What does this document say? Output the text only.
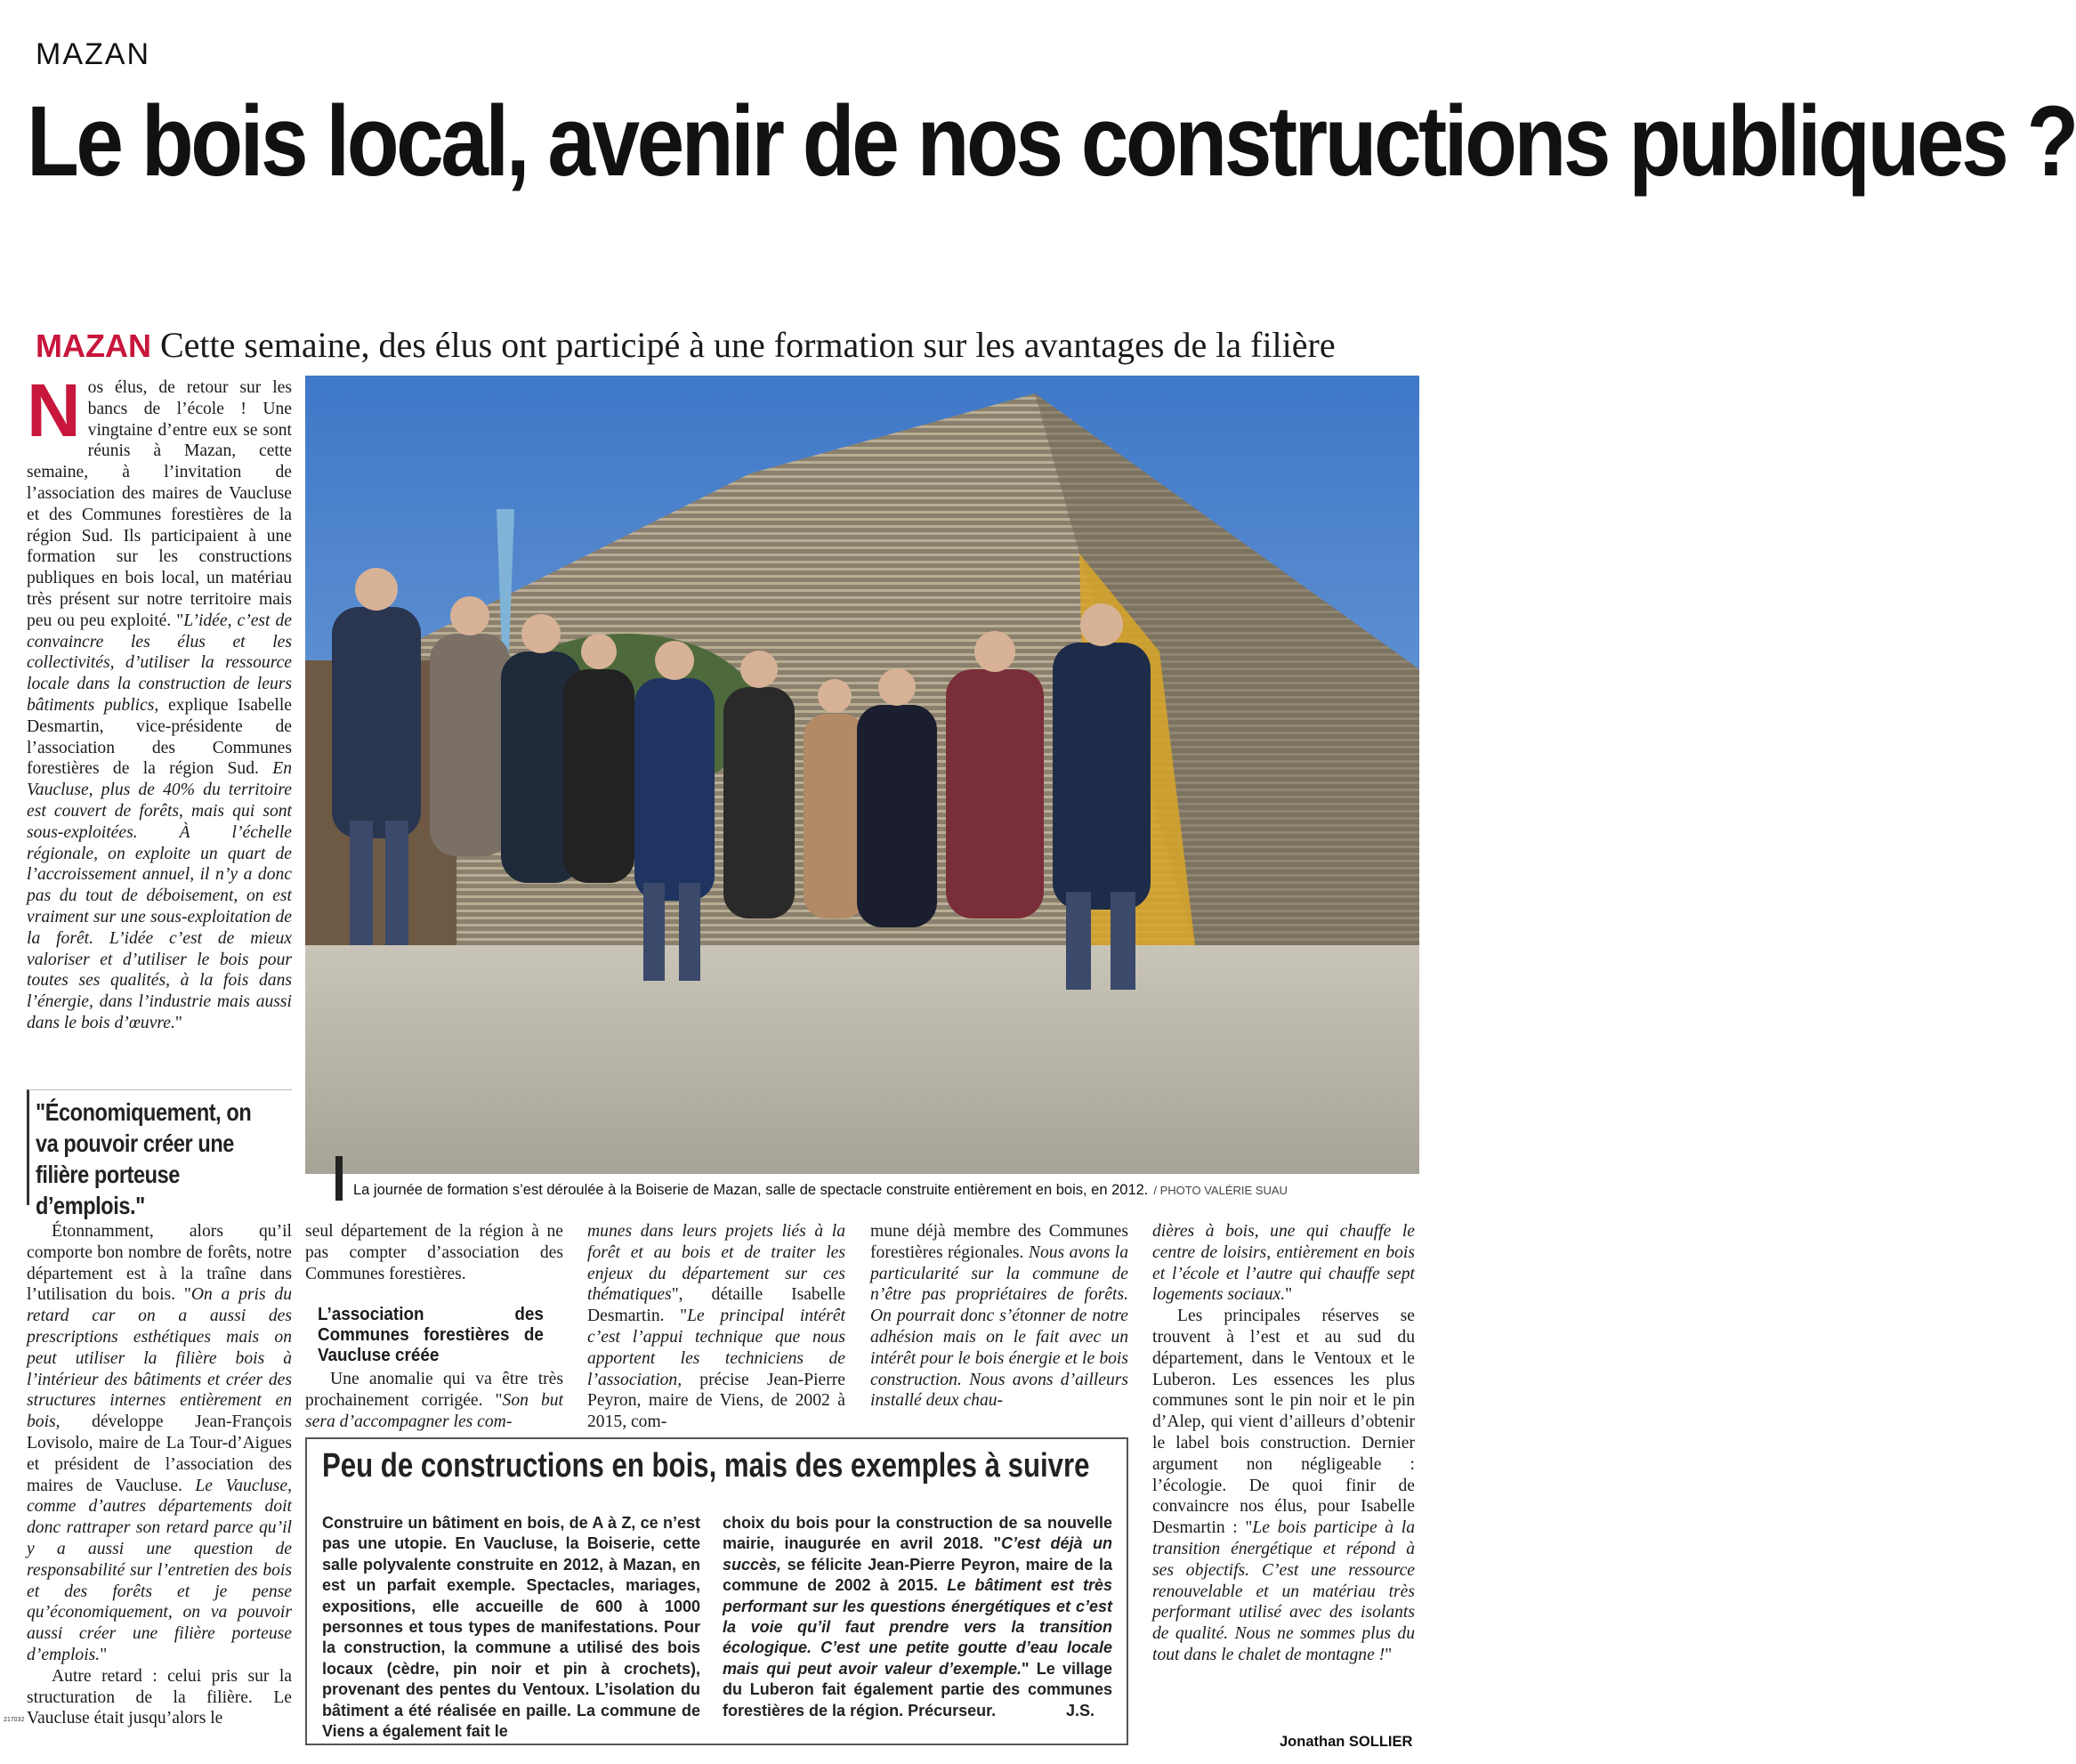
MAZAN
Le bois local, avenir de nos constructions publiques ?
MAZAN Cette semaine, des élus ont participé à une formation sur les avantages de la filière
Nos élus, de retour sur les bancs de l’école ! Une vingtaine d’entre eux se sont réunis à Mazan, cette semaine, à l’invitation de l’association des maires de Vaucluse et des Communes forestières de la région Sud. Ils participaient à une formation sur les constructions publiques en bois local, un matériau très présent sur notre territoire mais peu ou peu exploité. "L’idée, c’est de convaincre les élus et les collectivités, d’utiliser la ressource locale dans la construction de leurs bâtiments publics, explique Isabelle Desmartin, vice-présidente de l’association des Communes forestières de la région Sud. En Vaucluse, plus de 40% du territoire est couvert de forêts, mais qui sont sous-exploitées. À l’échelle régionale, on exploite un quart de l’accroissement annuel, il n’y a donc pas du tout de déboisement, on est vraiment sur une sous-exploitation de la forêt. L’idée c’est de mieux valoriser et d’utiliser le bois pour toutes ses qualités, à la fois dans l’énergie, dans l’industrie mais aussi dans le bois d’œuvre."
"Économiquement, on va pouvoir créer une filière porteuse d’emplois."
La journée de formation s’est déroulée à la Boiserie de Mazan, salle de spectacle construite entièrement en bois, en 2012. / PHOTO VALÉRIE SUAU

Étonnamment, alors qu’il comporte bon nombre de forêts, notre département est à la traîne dans l’utilisation du bois. "On a pris du retard car on a aussi des prescriptions esthétiques mais on peut utiliser la filière bois à l’intérieur des bâtiments et créer des structures internes entièrement en bois, développe Jean-François Lovisolo, maire de La Tour-d’Aigues et président de l’association des maires de Vaucluse. Le Vaucluse, comme d’autres départements doit donc rattraper son retard parce qu’il y a aussi une question de responsabilité sur l’entretien des bois et des forêts et je pense qu’économiquement, on va pouvoir aussi créer une filière porteuse d’emplois."

Autre retard : celui pris sur la structuration de la filière. Le Vaucluse était jusqu’alors le

seul département de la région à ne pas compter d’association des Communes forestières.

L’association des Communes forestières de Vaucluse créée

Une anomalie qui va être très prochainement corrigée. "Son but sera d’accompagner les com-

munes dans leurs projets liés à la forêt et au bois et de traiter les enjeux du département sur ces thématiques", détaille Isabelle Desmartin. "Le principal intérêt c’est l’appui technique que nous apportent les techniciens de l’association, précise Jean-Pierre Peyron, maire de Viens, de 2002 à 2015, com-

mune déjà membre des Communes forestières régionales. Nous avons la particularité sur la commune de n’être pas propriétaires de forêts. On pourrait donc s’étonner de notre adhésion mais on le fait avec un intérêt pour le bois énergie et le bois construction. Nous avons d’ailleurs installé deux chau-

dières à bois, une qui chauffe le centre de loisirs, entièrement en bois et l’école et l’autre qui chauffe sept logements sociaux."

Les principales réserves se trouvent à l’est et au sud du département, dans le Ventoux et le Luberon. Les essences les plus communes sont le pin noir et le pin d’Alep, qui vient d’ailleurs d’obtenir le label bois construction. Dernier argument non négligeable : l’écologie. De quoi finir de convaincre nos élus, pour Isabelle Desmartin : "Le bois participe à la transition énergétique et répond à ses objectifs. C’est une ressource renouvelable et un matériau très performant utilisé avec des isolants de qualité. Nous ne sommes plus du tout dans le chalet de montagne !"

Peu de constructions en bois, mais des exemples à suivre
Construire un bâtiment en bois, de A à Z, ce n’est pas une utopie. En Vaucluse, la Boiserie, cette salle polyvalente construite en 2012, à Mazan, en est un parfait exemple. Spectacles, mariages, expositions, elle accueille de 600 à 1000 personnes et tous types de manifestations. Pour la construction, la commune a utilisé des bois locaux (cèdre, pin noir et pin à crochets), provenant des pentes du Ventoux. L’isolation du bâtiment a été réalisée en paille. La commune de Viens a également fait le
choix du bois pour la construction de sa nouvelle mairie, inaugurée en avril 2018. "C’est déjà un succès, se félicite Jean-Pierre Peyron, maire de la commune de 2002 à 2015. Le bâtiment est très performant sur les questions énergétiques et c’est la voie qu’il faut prendre vers la transition écologique. C’est une petite goutte d’eau locale mais qui peut avoir valeur d’exemple." Le village du Luberon fait également partie des communes forestières de la région. Précurseur.	J.S.
Jonathan SOLLIER
217032
